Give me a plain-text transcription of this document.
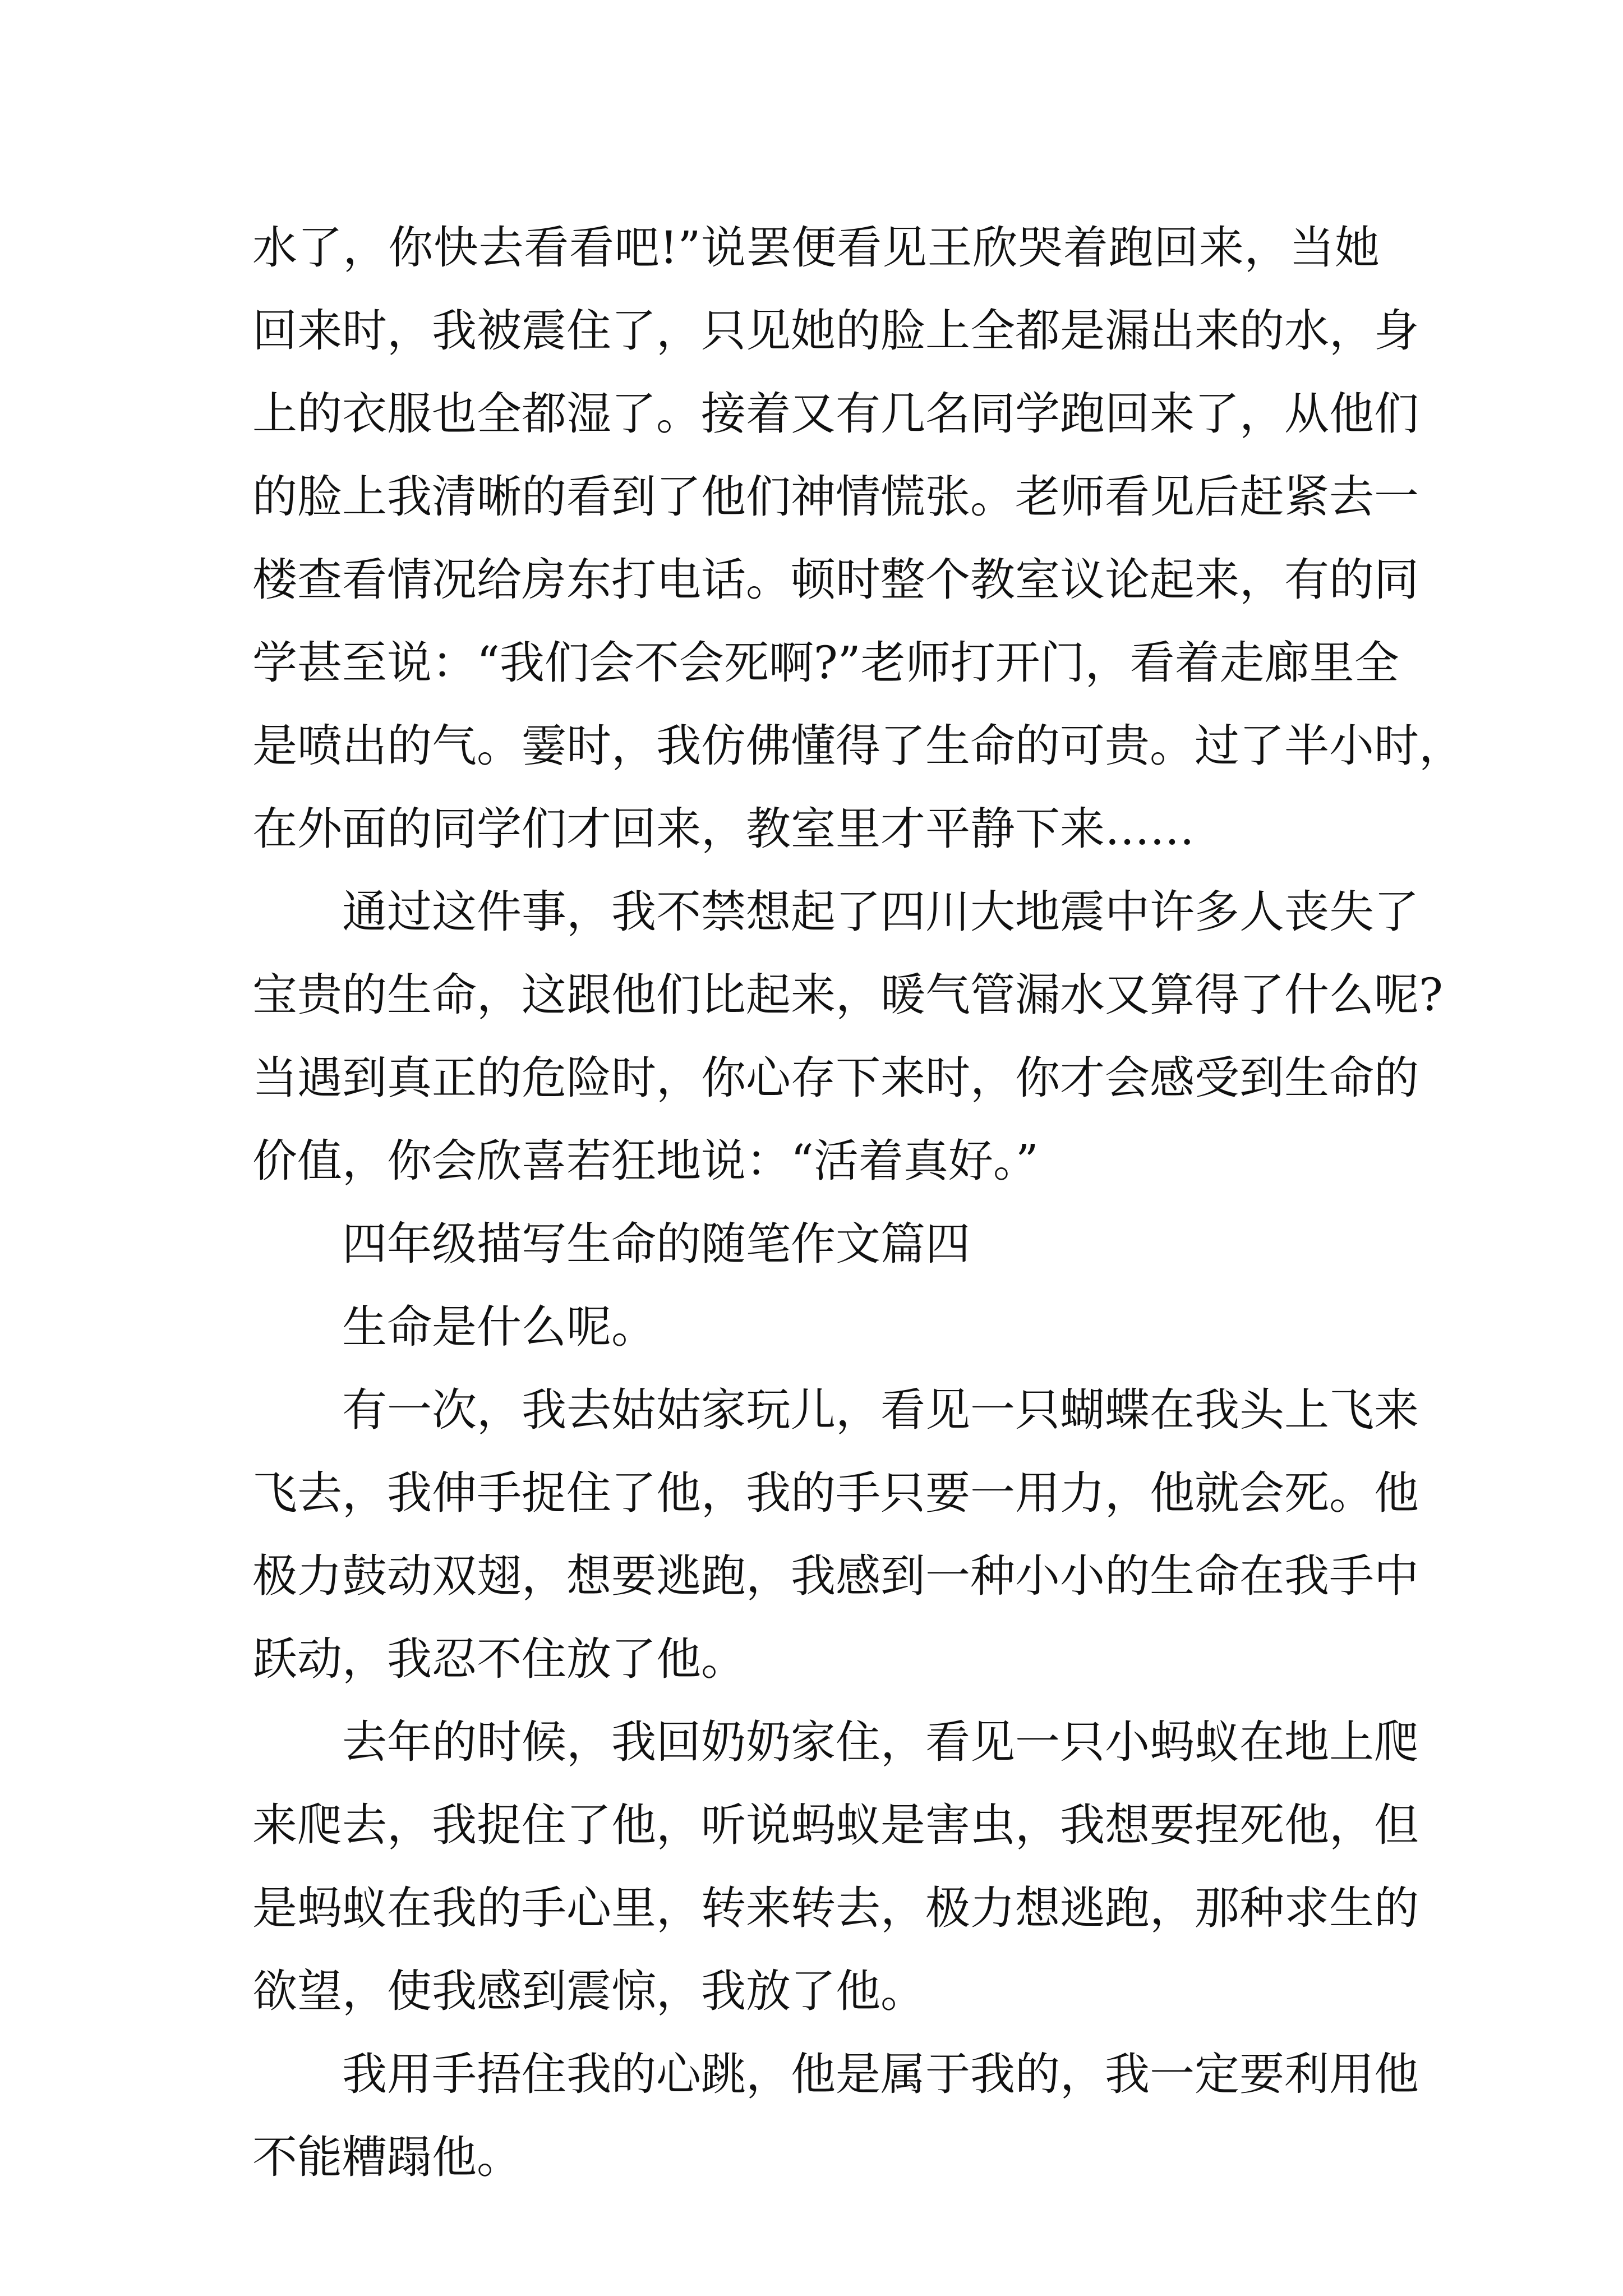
水了，你快去看看吧!”说罢便看见王欣哭着跑回来，当她
回来时，我被震住了，只见她的脸上全都是漏出来的水，身
上的衣服也全都湿了。接着又有几名同学跑回来了，从他们
的脸上我清晰的看到了他们神情慌张。老师看见后赶紧去一
楼查看情况给房东打电话。顿时整个教室议论起来，有的同
学甚至说：“我们会不会死啊?”老师打开门，看着走廊里全
是喷出的气。霎时，我仿佛懂得了生命的可贵。过了半小时，
在外面的同学们才回来，教室里才平静下来……

通过这件事，我不禁想起了四川大地震中许多人丧失了
宝贵的生命，这跟他们比起来，暖气管漏水又算得了什么呢?
当遇到真正的危险时，你心存下来时，你才会感受到生命的
价值，你会欣喜若狂地说：“活着真好。”

四年级描写生命的随笔作文篇四

生命是什么呢。

有一次，我去姑姑家玩儿，看见一只蝴蝶在我头上飞来
飞去，我伸手捉住了他，我的手只要一用力，他就会死。他
极力鼓动双翅，想要逃跑，我感到一种小小的生命在我手中
跃动，我忍不住放了他。

去年的时候，我回奶奶家住，看见一只小蚂蚁在地上爬
来爬去，我捉住了他，听说蚂蚁是害虫，我想要捏死他，但
是蚂蚁在我的手心里，转来转去，极力想逃跑，那种求生的
欲望，使我感到震惊，我放了他。

我用手捂住我的心跳，他是属于我的，我一定要利用他
不能糟蹋他。
